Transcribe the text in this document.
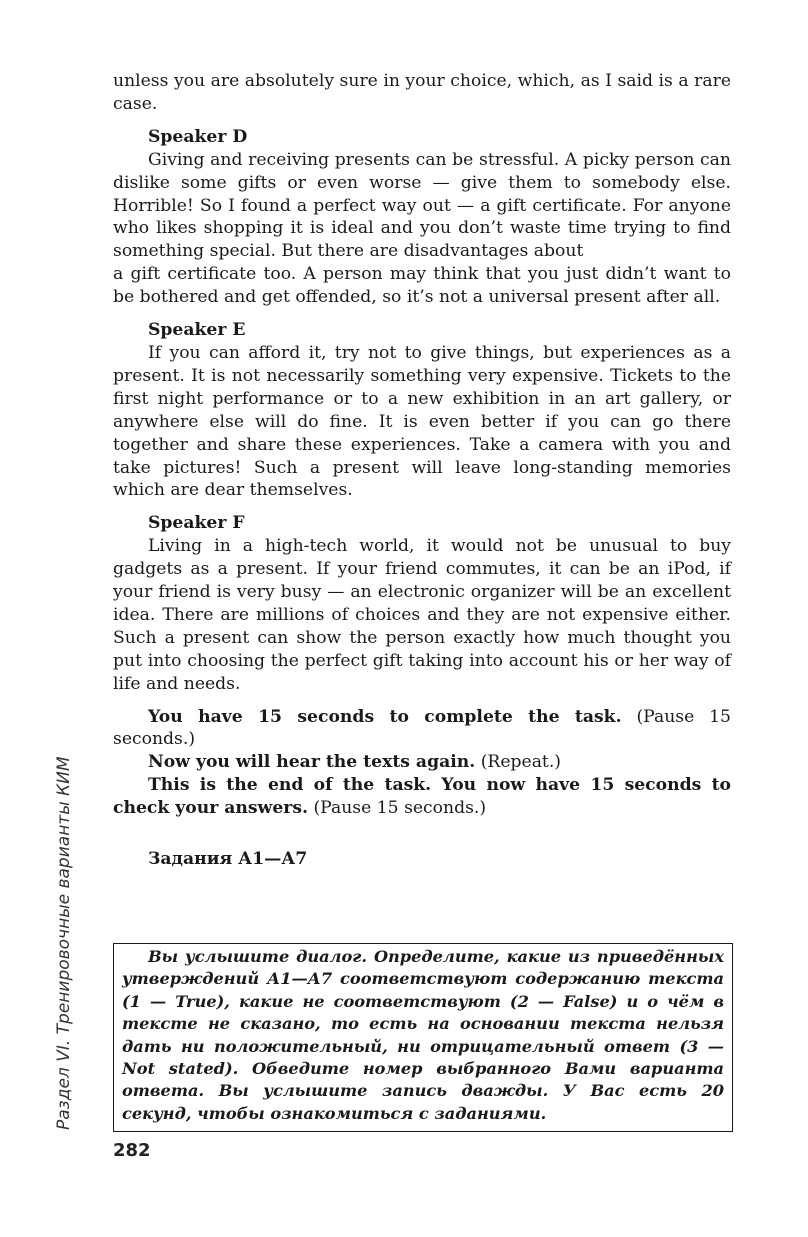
unless you are absolutely sure in your choice, which, as I said is a rare case.

Speaker D

Giving and receiving presents can be stressful. A picky person can dislike some gifts or even worse — give them to somebody else. Horrible! So I found a perfect way out — a gift certificate. For anyone who likes shopping it is ideal and you don’t waste time trying to find something special. But there are disadvantages about

a gift certificate too. A person may think that you just didn’t want to be bothered and get offended, so it’s not a universal present after all.

Speaker E

If you can afford it, try not to give things, but experiences as a present. It is not necessarily something very expensive. Tickets to the first night performance or to a new exhibition in an art gallery, or anywhere else will do fine. It is even better if you can go there together and share these experiences. Take a camera with you and take pictures! Such a present will leave long-standing memories which are dear themselves.

Speaker F

Living in a high-tech world, it would not be unusual to buy gadgets as a present. If your friend commutes, it can be an iPod, if your friend is very busy — an electronic organizer will be an excellent idea. There are millions of choices and they are not expensive either. Such a present can show the person exactly how much thought you put into choosing the perfect gift taking into account his or her way of life and needs.

You have 15 seconds to complete the task. (Pause 15 seconds.)

Now you will hear the texts again. (Repeat.)

This is the end of the task. You now have 15 seconds to check your answers. (Pause 15 seconds.)

Задания А1—А7

Вы услышите диалог. Определите, какие из приведённых утверждений А1—А7 соответствуют содержанию текста (1 — True), какие не соответствуют (2 — False) и о чём в тексте не сказано, то есть на основании текста нельзя дать ни положительный, ни отрицательный ответ (3 — Not stated). Обведите номер выбранного Вами варианта ответа. Вы услышите запись дважды. У Вас есть 20 секунд, чтобы ознакомиться с заданиями.

Раздел VI. Тренировочные варианты КИМ
282
